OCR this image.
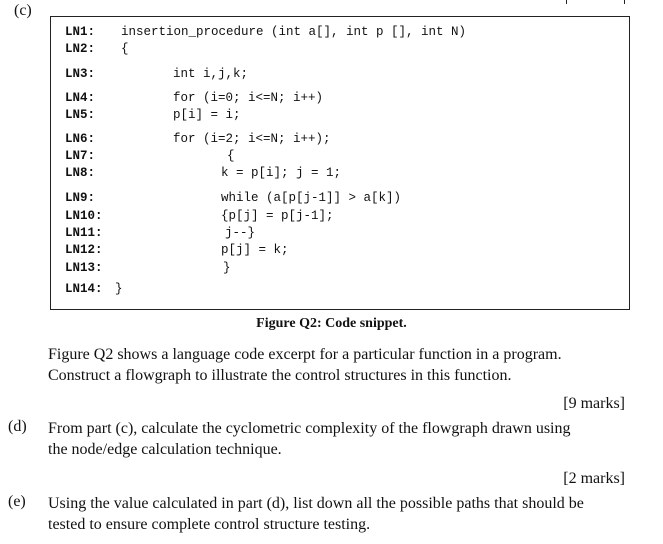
(c)
LN1:
LN2:
LN3:
LN4:
LN5:
LN6:
LN7:
LN8:
LN9:
LN10:
LN11:
LN12:
LN13:
LN14:
insertion_procedure (int a[], int p [], int N)
{
int i,j,k;
for (i=0; i<=N; i++)
p[i] = i;
for (i=2; i<=N; i++);
{
k = p[i]; j = 1;
while (a[p[j-1]] > a[k])
{p[j] = p[j-1];
j--}
p[j] = k;
}
}
Figure Q2: Code snippet.
Figure Q2 shows a language code excerpt for a particular function in a program.
Construct a flowgraph to illustrate the control structures in this function.
[9 marks]
(d) From part (c), calculate the cyclometric complexity of the flowgraph drawn using
the node/edge calculation technique.
[2 marks]
(e) Using the value calculated in part (d), list down all the possible paths that should be
tested to ensure complete control structure testing.
